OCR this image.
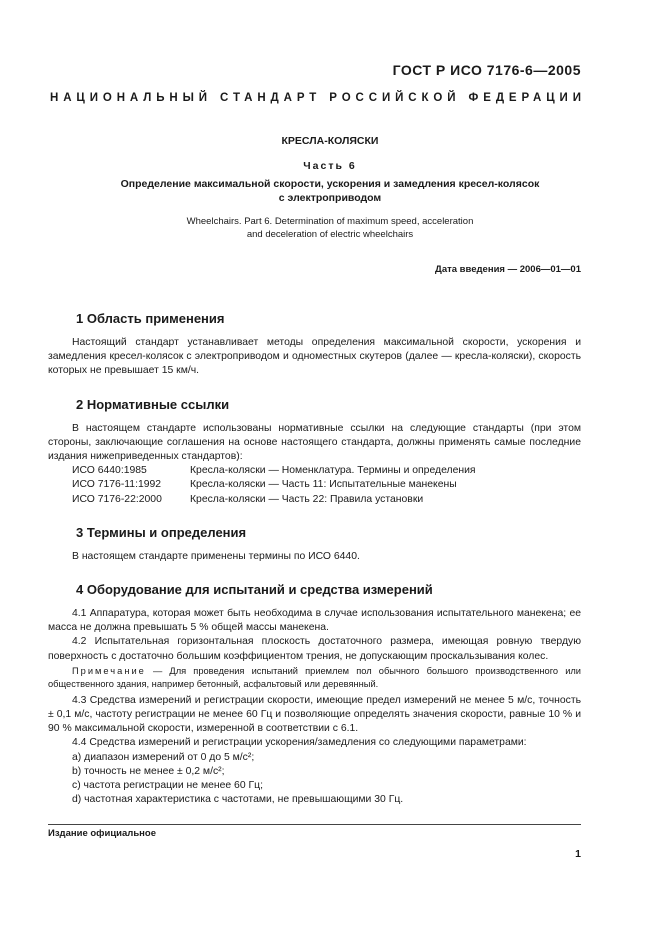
ГОСТ Р ИСО 7176-6—2005
НАЦИОНАЛЬНЫЙ СТАНДАРТ РОССИЙСКОЙ ФЕДЕРАЦИИ
КРЕСЛА-КОЛЯСКИ
Часть 6
Определение максимальной скорости, ускорения и замедления кресел-колясок
с электроприводом
Wheelchairs. Part 6. Determination of maximum speed, acceleration
and deceleration of electric wheelchairs
Дата введения — 2006—01—01
1 Область применения

Настоящий стандарт устанавливает методы определения максимальной скорости, ускорения и замедления кресел-колясок с электроприводом и одноместных скутеров (далее — кресла-коляски), скорость которых не превышает 15 км/ч.

2 Нормативные ссылки

В настоящем стандарте использованы нормативные ссылки на следующие стандарты (при этом стороны, заключающие соглашения на основе настоящего стандарта, должны применять самые последние издания нижеприведенных стандартов):

ИСО 6440:1985	Кресла-коляски — Номенклатура. Термины и определения
ИСО 7176-11:1992	Кресла-коляски — Часть 11: Испытательные манекены
ИСО 7176-22:2000	Кресла-коляски — Часть 22: Правила установки
3 Термины и определения

В настоящем стандарте применены термины по ИСО 6440.

4 Оборудование для испытаний и средства измерений

4.1 Аппаратура, которая может быть необходима в случае использования испытательного манекена; ее масса не должна превышать 5 % общей массы манекена.

4.2 Испытательная горизонтальная плоскость достаточного размера, имеющая ровную твердую поверхность с достаточно большим коэффициентом трения, не допускающим проскальзывания колес.

Примечание — Для проведения испытаний приемлем пол обычного большого производственного или общественного здания, например бетонный, асфальтовый или деревянный.

4.3 Средства измерений и регистрации скорости, имеющие предел измерений не менее 5 м/с, точность ± 0,1 м/с, частоту регистрации не менее 60 Гц и позволяющие определять значения скорости, равные 10 % и 90 % максимальной скорости, измеренной в соответствии с 6.1.

4.4 Средства измерений и регистрации ускорения/замедления со следующими параметрами:

a) диапазон измерений от 0 до 5 м/с²;
b) точность не менее ± 0,2 м/с²;
c) частота регистрации не менее 60 Гц;
d) частотная характеристика с частотами, не превышающими 30 Гц.
Издание официальное
1
